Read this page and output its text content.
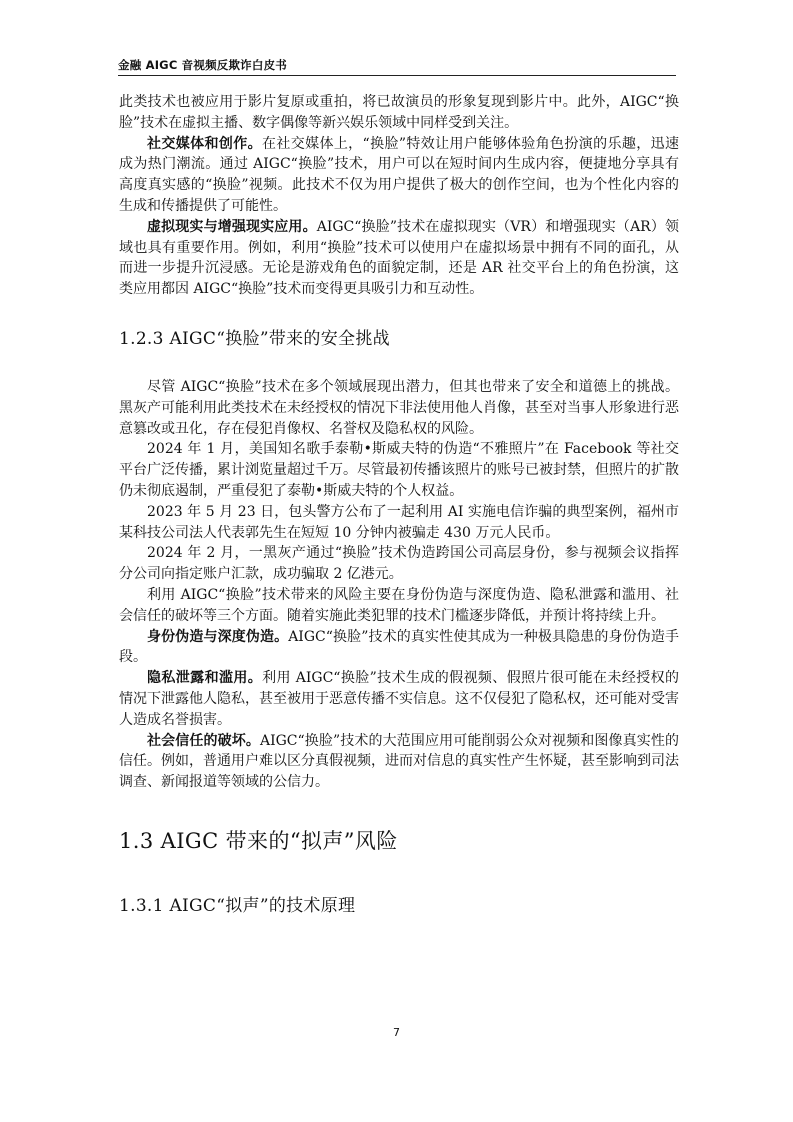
金融 AIGC 音视频反欺诈白皮书

此类技术也被应用于影片复原或重拍，将已故演员的形象复现到影片中。此外，AIGC“换脸”技术在虚拟主播、数字偶像等新兴娱乐领域中同样受到关注。

社交媒体和创作。在社交媒体上，“换脸”特效让用户能够体验角色扮演的乐趣，迅速成为热门潮流。通过 AIGC“换脸”技术，用户可以在短时间内生成内容，便捷地分享具有高度真实感的“换脸”视频。此技术不仅为用户提供了极大的创作空间，也为个性化内容的生成和传播提供了可能性。

虚拟现实与增强现实应用。AIGC“换脸”技术在虚拟现实（VR）和增强现实（AR）领域也具有重要作用。例如，利用“换脸”技术可以使用户在虚拟场景中拥有不同的面孔，从而进一步提升沉浸感。无论是游戏角色的面貌定制，还是 AR 社交平台上的角色扮演，这类应用都因 AIGC“换脸”技术而变得更具吸引力和互动性。

1.2.3 AIGC“换脸”带来的安全挑战

尽管 AIGC“换脸”技术在多个领域展现出潜力，但其也带来了安全和道德上的挑战。黑灰产可能利用此类技术在未经授权的情况下非法使用他人肖像，甚至对当事人形象进行恶意篡改或丑化，存在侵犯肖像权、名誉权及隐私权的风险。

2024 年 1 月，美国知名歌手泰勒•斯威夫特的伪造“不雅照片”在 Facebook 等社交平台广泛传播，累计浏览量超过千万。尽管最初传播该照片的账号已被封禁，但照片的扩散仍未彻底遏制，严重侵犯了泰勒•斯威夫特的个人权益。

2023 年 5 月 23 日，包头警方公布了一起利用 AI 实施电信诈骗的典型案例，福州市某科技公司法人代表郭先生在短短 10 分钟内被骗走 430 万元人民币。

2024 年 2 月，一黑灰产通过“换脸”技术伪造跨国公司高层身份，参与视频会议指挥分公司向指定账户汇款，成功骗取 2 亿港元。

利用 AIGC“换脸”技术带来的风险主要在身份伪造与深度伪造、隐私泄露和滥用、社会信任的破坏等三个方面。随着实施此类犯罪的技术门槛逐步降低，并预计将持续上升。

身份伪造与深度伪造。AIGC“换脸”技术的真实性使其成为一种极具隐患的身份伪造手段。

隐私泄露和滥用。利用 AIGC“换脸”技术生成的假视频、假照片很可能在未经授权的情况下泄露他人隐私，甚至被用于恶意传播不实信息。这不仅侵犯了隐私权，还可能对受害人造成名誉损害。

社会信任的破坏。AIGC“换脸”技术的大范围应用可能削弱公众对视频和图像真实性的信任。例如，普通用户难以区分真假视频，进而对信息的真实性产生怀疑，甚至影响到司法调查、新闻报道等领域的公信力。

1.3 AIGC 带来的“拟声”风险
1.3.1 AIGC“拟声”的技术原理
7
